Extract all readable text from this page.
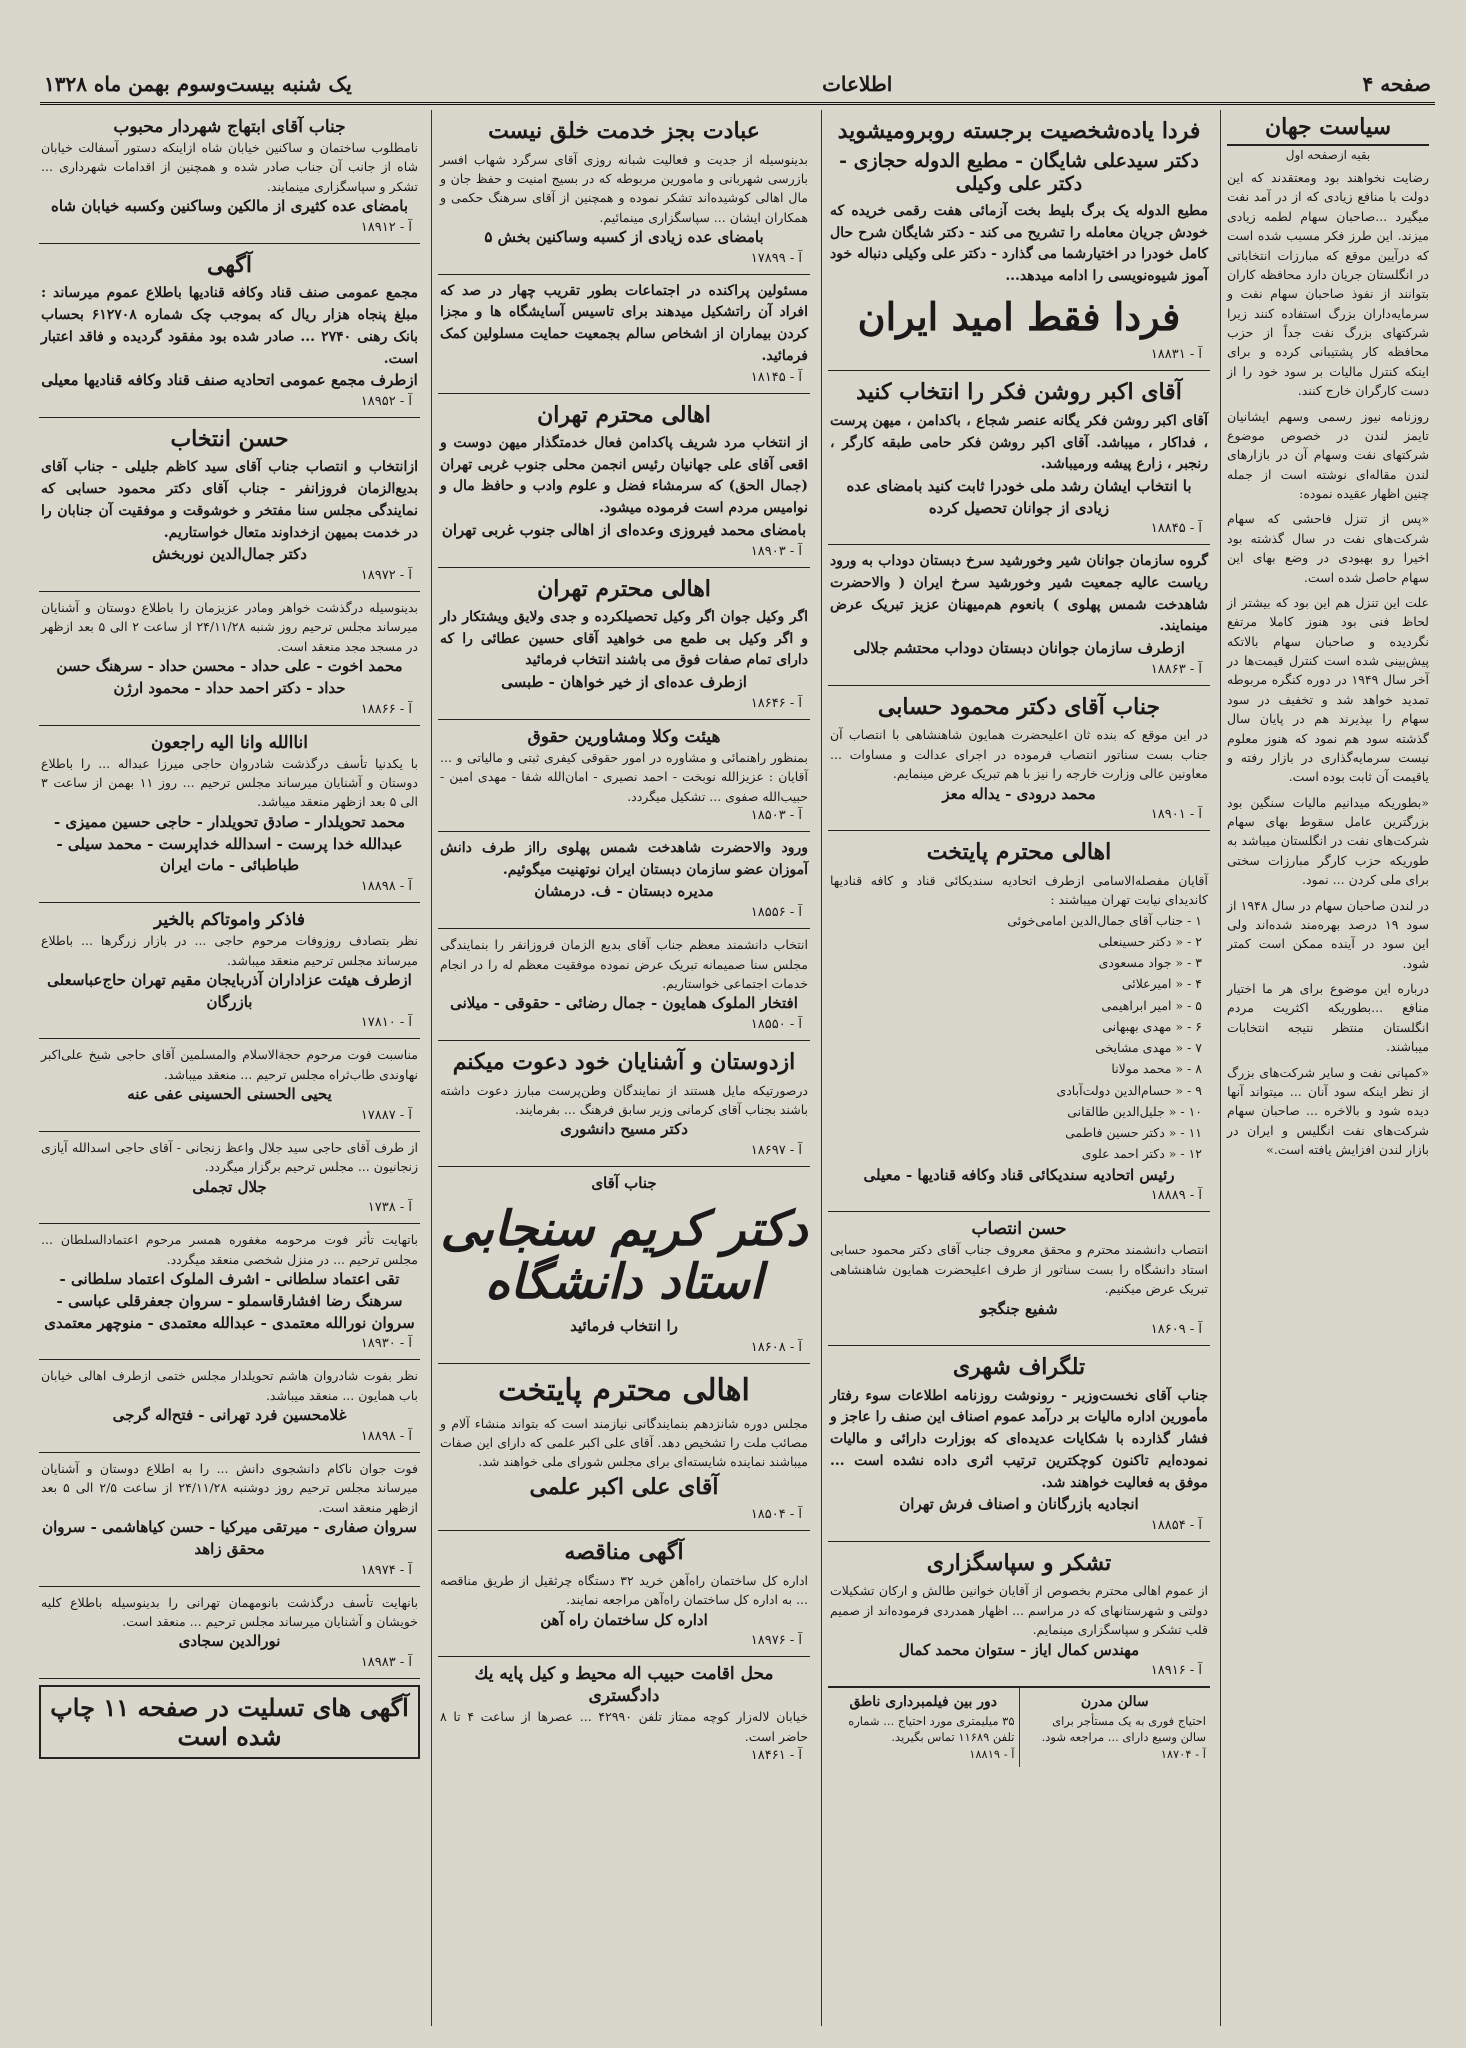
صفحه ۴
اطلاعات
یک شنبه بیست‌وسوم بهمن ماه ۱۳۲۸
سیاست جهان
بقیه ازصفحه اول
رضایت نخواهند بود ومعتقدند که این دولت با منافع زیادی که از در آمد نفت میگیرد ...صاحبان سهام لطمه زیادی میزند. این طرز فکر مسبب شده است که درآیین موقع که مبارزات انتخاباتی در انگلستان جریان دارد محافظه کاران بتوانند از نفوذ صاحبان سهام نفت و سرمایه‌داران بزرگ استفاده کنند زیرا شرکتهای بزرگ نفت جداً از حزب محافظه کار پشتیبانی کرده و برای اینکه کنترل مالیات بر سود خود را از دست کارگران خارج کنند.
روزنامه نیوز رسمی وسهم ایشانیان تایمز لندن در خصوص موضوع شرکتهای نفت وسهام آن در بازارهای لندن مقاله‌ای نوشته است از جمله چنین اظهار عقیده نموده:
«پس از تنزل فاحشی که سهام شرکت‌های نفت در سال گذشته بود اخیرا رو بهبودی در وضع بهای این سهام حاصل شده است.
علت این تنزل هم این بود که بیشتر از لحاظ فنی بود هنوز کاملا مرتفع نگردیده و صاحبان سهام بالاتکه پیش‌بینی شده است کنترل قیمت‌ها در آخر سال ۱۹۴۹ در دوره کنگره مربوطه تمدید خواهد شد و تخفیف در سود سهام را بپذیرند هم در پایان سال گذشته سود هم نمود که هنوز معلوم نیست سرمایه‌گذاری در بازار رفته و یاقیمت آن ثابت بوده است.
«بطوریکه میدانیم مالیات سنگین بود بزرگترین عامل سقوط بهای سهام شرکت‌های نفت در انگلستان میباشد به طوریکه حزب کارگر مبارزات سختی برای ملی کردن ... نمود.
در لندن صاحبان سهام در سال ۱۹۴۸ از سود ۱۹ درصد بهره‌مند شده‌اند ولی این سود در آینده ممکن است کمتر شود.
درباره این موضوع برای هر ما اختیار منافع ...بطوریکه اکثریت مردم انگلستان منتظر نتیجه انتخابات میباشند.
«کمپانی نفت و سایر شرکت‌های بزرگ از نظر اینکه سود آنان ... میتواند آنها دیده شود و بالاخره ... صاحبان سهام شرکت‌های نفت انگلیس و ایران در بازار لندن افزایش یافته است.»
فردا یاده‌شخصیت برجسته روبرومیشوید
دکتر سیدعلی شایگان - مطیع الدوله حجازی - دکتر علی وکیلی
مطیع الدوله یک برگ بلیط بخت آزمائی هفت رقمی خریده که خودش جریان معامله را تشریح می کند - دکتر شایگان شرح حال کامل خودرا در اختیارشما می گذارد - دکتر علی وکیلی دنباله خود آموز شیوه‌نویسی را ادامه میدهد...
فردا فقط امید ایران
آ - ۱۸۸۳۱
آقای اکبر روشن فکر را انتخاب کنید
آقای اکبر روشن فکر یگانه عنصر شجاع ، باکدامن ، میهن پرست ، فداکار ، میباشد. آقای اکبر روشن فکر حامی طبقه کارگر ، رنجبر ، زارع پیشه ورمیباشد.
با انتخاب ایشان رشد ملی خودرا ثابت کنید بامضای عده زیادی از جوانان تحصیل کرده
آ - ۱۸۸۴۵
گروه سازمان جوانان شیر وخورشید سرخ دبستان دوداب به ورود ریاست عالیه جمعیت شیر وخورشید سرخ ایران ( والاحضرت شاهدخت شمس پهلوی ) بانعوم هم‌میهنان عزیز تبریک عرض مینمایند.
ازطرف سازمان جوانان دبستان دوداب محتشم جلالی
آ - ۱۸۸۶۳
جناب آقای دکتر محمود حسابی
در این موقع که بنده ثان اعلیحضرت همایون شاهنشاهی با انتصاب آن جناب بست سناتور انتصاب فرموده در اجرای عدالت و مساوات ... معاونین عالی وزارت خارجه را نیز با هم تبریک عرض مینمایم.
محمد درودی - یداله معز
آ - ۱۸۹۰۱
اهالی محترم پایتخت
آقایان مفصله‌الاسامی ازطرف اتحادیه سندیکائی قناد و کافه قنادیها کاندیدای نیابت تهران میباشند :
۱ - جناب آقای جمال‌الدین امامی‌خوئی
۲ - « دکتر حسینعلی
۳ - « جواد مسعودی
۴ - « امیرعلائی
۵ - « امیر ابراهیمی
۶ - « مهدی بهبهانی
۷ - « مهدی مشایخی
۸ - « محمد مولانا
۹ - « حسام‌الدین دولت‌آبادی
۱۰ - « جلیل‌الدین طالقانی
۱۱ - « دکتر حسین فاطمی
۱۲ - « دکتر احمد علوی
رئیس اتحادیه سندیکائی قناد وکافه قنادیها - معیلی
آ - ۱۸۸۸۹
حسن انتصاب
انتصاب دانشمند محترم و محقق معروف جناب آقای دکتر محمود حسابی استاد دانشگاه را بست سناتور از طرف اعلیحضرت همایون شاهنشاهی تبریک عرض میکنیم.
شفیع جنگجو
آ - ۱۸۶۰۹
تلگراف شهری
جناب آقای نخست‌وزیر - رونوشت روزنامه اطلاعات سوء رفتار مأمورین اداره مالیات بر درآمد عموم اصناف این صنف را عاجز و فشار گذارده با شکایات عدیده‌ای که بوزارت دارائی و مالیات نموده‌ایم تاکنون کوچکترین ترتیب اثری داده نشده است ... موفق به فعالیت خواهند شد.
انجادیه بازرگانان و اصناف فرش تهران
آ - ۱۸۸۵۴
تشکر و سپاسگزاری
از عموم اهالی محترم بخصوص از آقایان خوانین طالش و ارکان تشکیلات دولتی و شهرستانهای که در مراسم ... اظهار همدردی فرموده‌اند از صمیم قلب تشکر و سپاسگزاری مینمایم.
مهندس کمال ایاز - ستوان محمد کمال
آ - ۱۸۹۱۶
سالن مدرن
احتیاج فوری به یک مستأجر برای سالن وسیع دارای ... مراجعه شود.
آ - ۱۸۷۰۴
دور بین فیلمبرداری ناطق
۳۵ میلیمتری مورد احتیاج ... شماره تلفن ۱۱۶۸۹ تماس بگیرید.
آ - ۱۸۸۱۹
عبادت بجز خدمت خلق نیست
بدینوسیله از جدیت و فعالیت شبانه روزی آقای سرگرد شهاب افسر بازرسی شهربانی و مامورین مربوطه که در بسیج امنیت و حفظ جان و مال اهالی کوشیده‌اند تشکر نموده و همچنین از آقای سرهنگ حکمی و همکاران ایشان ... سپاسگزاری مینمائیم.
بامضای عده زیادی از کسبه وساکنین بخش ۵
آ - ۱۷۸۹۹
مسئولین پراکنده در اجتماعات بطور تقریب چهار در صد که افراد آن راتشکیل میدهند برای تاسیس آسایشگاه ها و مجزا کردن بیماران از اشخاص سالم بجمعیت حمایت مسلولین کمک فرمائید.
آ - ۱۸۱۴۵
اهالی محترم تهران
از انتخاب مرد شریف پاکدامن فعال خدمتگذار میهن دوست و اقعی آقای علی جهانیان رئیس انجمن محلی جنوب غربی تهران (جمال الحق) که سرمشاء فضل و علوم وادب و حافظ مال و نوامیس مردم است فرموده میشود.
بامضای محمد فیروزی وعده‌ای از اهالی جنوب غربی تهران
آ - ۱۸۹۰۳
اهالی محترم تهران
اگر وکیل جوان اگر وکیل تحصیلکرده و جدی ولایق ویشتکار دار و اگر وکیل بی طمع می خواهید آقای حسین عطائی را که دارای تمام صفات فوق می باشند انتخاب فرمائید
ازطرف عده‌ای از خیر خواهان - طبسی
آ - ۱۸۶۴۶
هیئت وکلا ومشاورین حقوق
بمنظور راهنمائی و مشاوره در امور حقوقی کیفری ثبتی و مالیاتی و ... آقایان : عزیزالله نوبخت - احمد نصیری - امان‌الله شفا - مهدی امین - حبیب‌الله صفوی ... تشکیل میگردد.
آ - ۱۸۵۰۳
ورود والاحضرت شاهدخت شمس پهلوی رااز طرف دانش آموزان عضو سازمان دبستان ایران نوتهنیت میگوئیم.
مدیره دبستان - ف. درمشان
آ - ۱۸۵۵۶
انتخاب دانشمند معظم جناب آقای بدیع الزمان فروزانفر را بنمایندگی مجلس سنا صمیمانه تبریک عرض نموده موفقیت معظم له را در انجام خدمات اجتماعی خواستاریم.
افتخار الملوک همایون - جمال رضائی - حقوقی - میلانی
آ - ۱۸۵۵۰
ازدوستان و آشنایان خود دعوت میکنم
درصورتیکه مایل هستند از نمایندگان وطن‌پرست مبارز دعوت داشته باشند بجناب آقای کرمانی وزیر سابق فرهنگ ... بفرمایند.
دکتر مسیح دانشوری
آ - ۱۸۶۹۷
جناب آقای
دکتر کریم سنجابی استاد دانشگاه
را انتخاب فرمائید
آ - ۱۸۶۰۸
اهالی محترم پایتخت
مجلس دوره شانزدهم بنمایندگانی نیازمند است که بتواند منشاء آلام و مصائب ملت را تشخیص دهد. آقای علی اکبر علمی که دارای این صفات میباشند نماینده شایسته‌ای برای مجلس شورای ملی خواهند شد.
آقای علی اکبر علمی
آ - ۱۸۵۰۴
آگهی مناقصه
اداره کل ساختمان راه‌آهن خرید ۳۲ دستگاه چرثقیل از طریق مناقصه ... به اداره کل ساختمان راه‌آهن مراجعه نمایند.
اداره کل ساختمان راه آهن
آ - ۱۸۹۷۶
محل اقامت حبیب اله محیط و کیل پایه یك دادگستری
خیابان لاله‌زار کوچه ممتاز تلفن ۴۲۹۹۰ ... عصرها از ساعت ۴ تا ۸ حاضر است.
آ - ۱۸۴۶۱
جناب آقای ابتهاج شهردار محبوب
نامطلوب ساختمان و ساکنین خیابان شاه ازاینکه دستور آسفالت خیابان شاه از جانب آن جناب صادر شده و همچنین از اقدامات شهرداری ... تشکر و سپاسگزاری مینمایند.
بامضای عده کثیری از مالکین وساکنین وکسبه خیابان شاه
آ - ۱۸۹۱۲
آگهی
مجمع عمومی صنف قناد وکافه قنادیها باطلاع عموم میرساند : مبلغ پنجاه هزار ریال که بموجب چک شماره ۶۱۲۷۰۸ بحساب بانک رهنی ۲۷۴۰ ... صادر شده بود مفقود گردیده و فاقد اعتبار است.
ازطرف مجمع عمومی اتحادیه صنف قناد وکافه قنادیها معیلی
آ - ۱۸۹۵۲
حسن انتخاب
ازانتخاب و انتصاب جناب آقای سید کاظم جلیلی - جناب آقای بدیع‌الزمان فروزانفر - جناب آقای دکتر محمود حسابی که نمایندگی مجلس سنا مفتخر و خوشوقت و موفقیت آن جنابان را در خدمت بمیهن ازخداوند متعال خواستاریم.
دکتر جمال‌الدین نوربخش
آ - ۱۸۹۷۲
بدینوسیله درگذشت خواهر ومادر عزیزمان را باطلاع دوستان و آشنایان میرساند مجلس ترحیم روز شنبه ۲۴/۱۱/۲۸ از ساعت ۲ الی ۵ بعد ازظهر در مسجد مجد منعقد است.
محمد اخوت - علی حداد - محسن حداد - سرهنگ حسن حداد - دکتر احمد حداد - محمود ارژن
آ - ۱۸۸۶۶
اناالله وانا الیه راجعون
با یکدنیا تأسف درگذشت شادروان حاجی میرزا عبداله ... را باطلاع دوستان و آشنایان میرساند مجلس ترحیم ... روز ۱۱ بهمن از ساعت ۳ الی ۵ بعد ازظهر منعقد میباشد.
محمد تحویلدار - صادق تحویلدار - حاجی حسین ممیزی - عبدالله خدا پرست - اسدالله خداپرست - محمد سیلی - طباطبائی - مات ایران
آ - ۱۸۸۹۸
فاذکر واموتاکم بالخیر
نظر بتصادف روزوفات مرحوم حاجی ... در بازار زرگرها ... باطلاع میرساند مجلس ترحیم منعقد میباشد.
ازطرف هیئت عزاداران آذربایجان مقیم تهران حاج‌عباسعلی بازرگان
آ - ۱۷۸۱۰
مناسبت فوت مرحوم حجةالاسلام والمسلمین آقای حاجی شیخ علی‌اکبر نهاوندی طاب‌ثراه مجلس ترحیم ... منعقد میباشد.
یحیی الحسنی الحسینی عفی عنه
آ - ۱۷۸۸۷
از طرف آقای حاجی سید جلال واعظ زنجانی - آقای حاجی اسدالله آیازی زنجانیون ... مجلس ترحیم برگزار میگردد.
جلال تجملی
آ - ۱۷۳۸
باتهایت تأثر فوت مرحومه مغفوره همسر مرحوم اعتمادالسلطان ... مجلس ترحیم ... در منزل شخصی منعقد میگردد.
تقی اعتماد سلطانی - اشرف الملوک اعتماد سلطانی - سرهنگ رضا افشارقاسملو - سروان جعفرقلی عباسی - سروان نورالله معتمدی - عبدالله معتمدی - منوچهر معتمدی
آ - ۱۸۹۳۰
نظر بفوت شادروان هاشم تحویلدار مجلس ختمی ازطرف اهالی خیابان باب همایون ... منعقد میباشد.
غلامحسین فرد تهرانی - فتح‌اله گرجی
آ - ۱۸۸۹۸
فوت جوان ناکام دانشجوی دانش ... را به اطلاع دوستان و آشنایان میرساند مجلس ترحیم روز دوشنبه ۲۴/۱۱/۲۸ از ساعت ۲/۵ الی ۵ بعد ازظهر منعقد است.
سروان صفاری - میرتقی میرکیا - حسن کیاهاشمی - سروان محقق زاهد
آ - ۱۸۹۷۴
بانهایت تأسف درگذشت بانومهمان تهرانی را بدینوسیله باطلاع کلیه خویشان و آشنایان میرساند مجلس ترحیم ... منعقد است.
نورالدین سجادی
آ - ۱۸۹۸۳
آگهی های تسلیت در صفحه ۱۱ چاپ شده است
